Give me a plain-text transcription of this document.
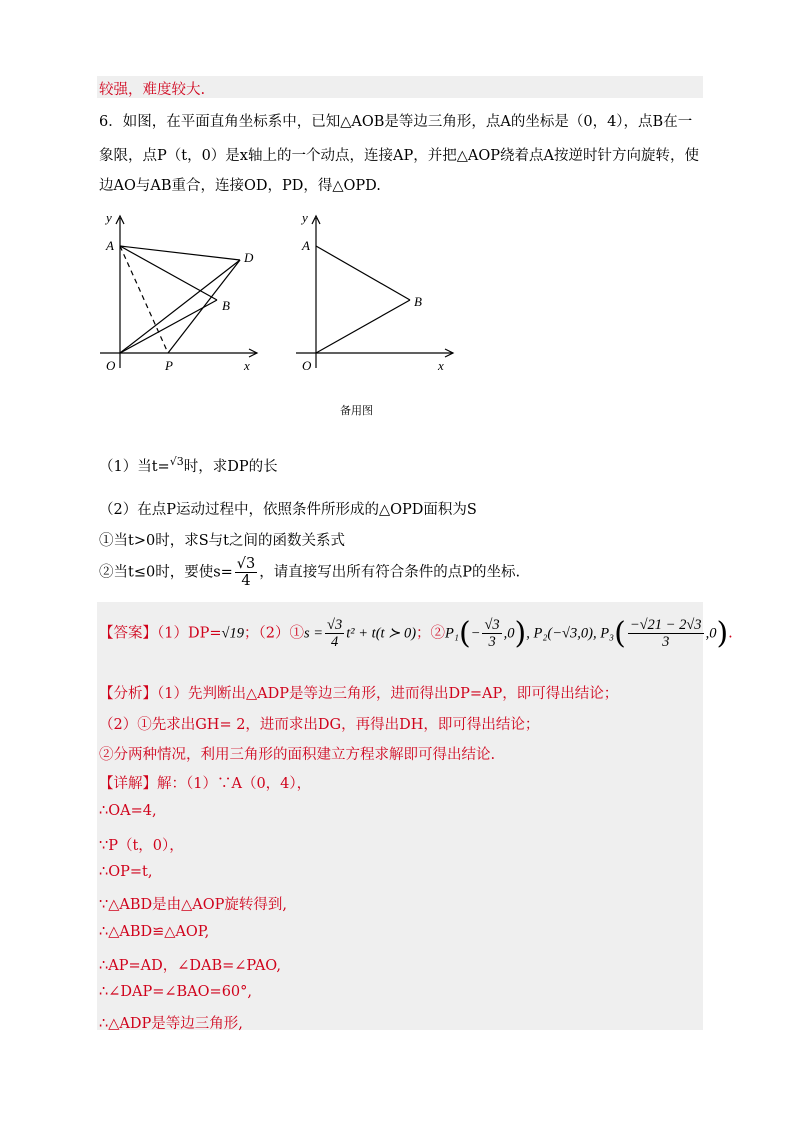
较强，难度较大.
6．如图，在平面直角坐标系中，已知△AOB是等边三角形，点A的坐标是（0，4），点B在一
象限，点P（t，0）是x轴上的一个动点，连接AP，并把△AOP绕着点A按逆时针方向旋转，使
边AO与AB重合，连接OD，PD，得△OPD.
y
A
D
B
O	P	x
y
A
B
O	x
备用图
（1）当t=$^{√3}$时，求DP的长
（2）在点P运动过程中，依照条件所形成的△OPD面积为S
①当t>0时，求S与t之间的函数关系式
②当t≤0时，要使$s= \frac{√3}{4}$ ，请直接写出所有符合条件的点P的坐标.
【答案】（1）DP=√19；（2）①s = $\frac{√3}{4} t^2 + t(t$ ≻ 0)；②P₁(− $\frac{√3}{3} ,0$), P₂(−√3,0), $P_3( \frac{-√21 - 2√3}{3} ,0)$.
【分析】（1）先判断出△ADP是等边三角形，进而得出DP=AP，即可得出结论；
（2）①先求出GH= 2，进而求出DG，再得出DH，即可得出结论；
②分两种情况，利用三角形的面积建立方程求解即可得出结论.
【详解】解：（1）∵A（0，4），
∴OA=4,
∵P（t，0），
∴OP=t,
∵△ABD是由△AOP旋转得到,
∴△ABD≌△AOP,
∴AP=AD，∠DAB=∠PAO,
∴∠DAP=∠BAO=60°,
∴△ADP是等边三角形,
